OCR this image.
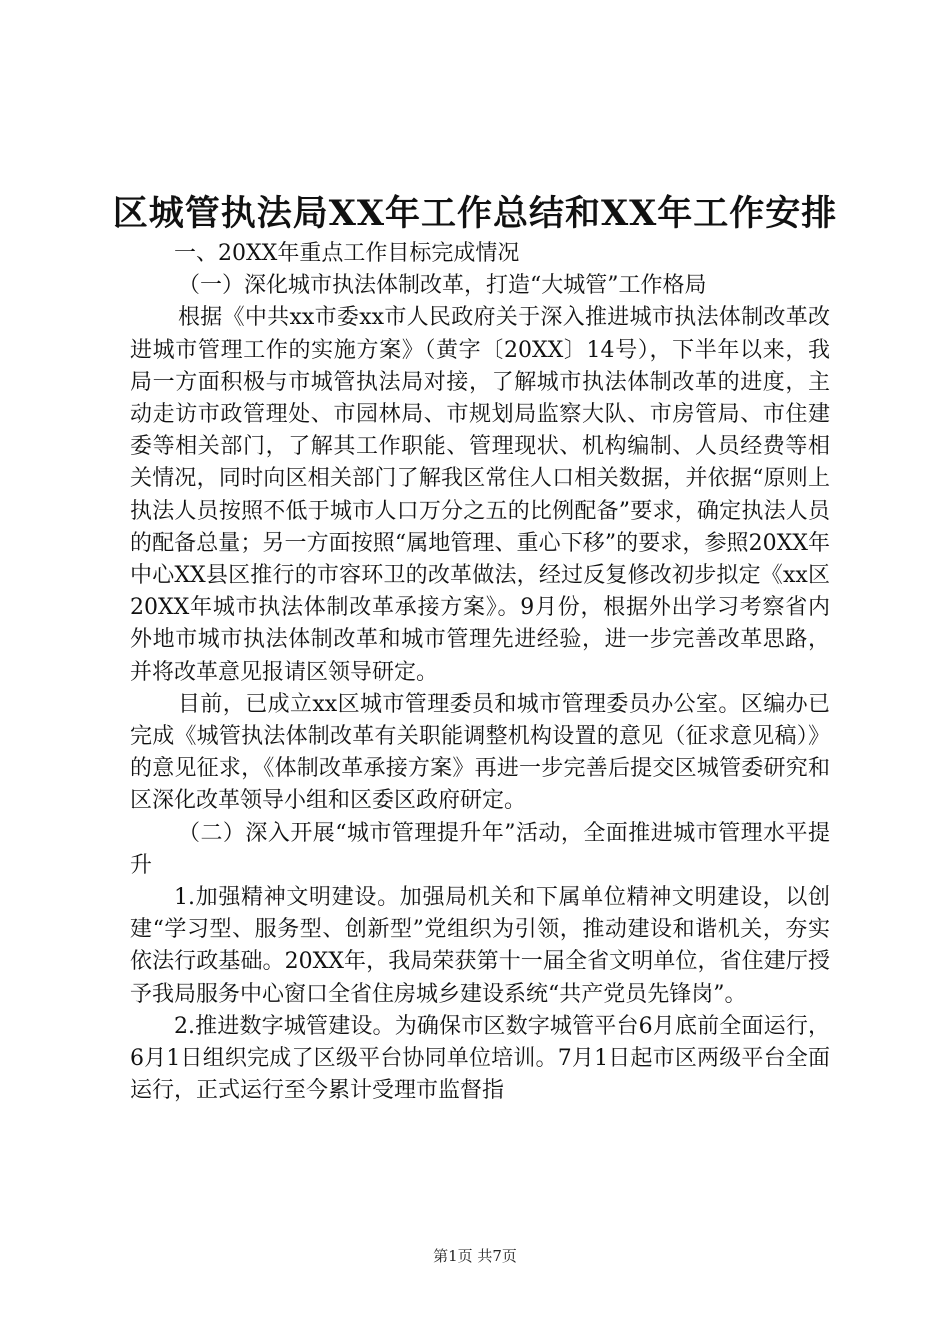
区城管执法局XX年工作总结和XX年工作安排

一、20XX年重点工作目标完成情况

（一）深化城市执法体制改革，打造“大城管”工作格局

根据《中共xx市委xx市人民政府关于深入推进城市执法体制改革改进城市管理工作的实施方案》（黄字〔20XX〕14号），下半年以来，我局一方面积极与市城管执法局对接，了解城市执法体制改革的进度，主动走访市政管理处、市园林局、市规划局监察大队、市房管局、市住建委等相关部门，了解其工作职能、管理现状、机构编制、人员经费等相关情况，同时向区相关部门了解我区常住人口相关数据，并依据“原则上执法人员按照不低于城市人口万分之五的比例配备”要求，确定执法人员的配备总量；另一方面按照“属地管理、重心下移”的要求，参照20XX年中心XX县区推行的市容环卫的改革做法，经过反复修改初步拟定《xx区20XX年城市执法体制改革承接方案》。9月份，根据外出学习考察省内外地市城市执法体制改革和城市管理先进经验，进一步完善改革思路，并将改革意见报请区领导研定。

目前，已成立xx区城市管理委员和城市管理委员办公室。区编办已完成《城管执法体制改革有关职能调整机构设置的意见（征求意见稿）》的意见征求，《体制改革承接方案》再进一步完善后提交区城管委研究和区深化改革领导小组和区委区政府研定。

（二）深入开展“城市管理提升年”活动，全面推进城市管理水平提升

1.加强精神文明建设。加强局机关和下属单位精神文明建设，以创建“学习型、服务型、创新型”党组织为引领，推动建设和谐机关，夯实依法行政基础。20XX年，我局荣获第十一届全省文明单位，省住建厅授予我局服务中心窗口全省住房城乡建设系统“共产党员先锋岗”。

2.推进数字城管建设。为确保市区数字城管平台6月底前全面运行，6月1日组织完成了区级平台协同单位培训。7月1日起市区两级平台全面运行，正式运行至今累计受理市监督指

第1页 共7页
